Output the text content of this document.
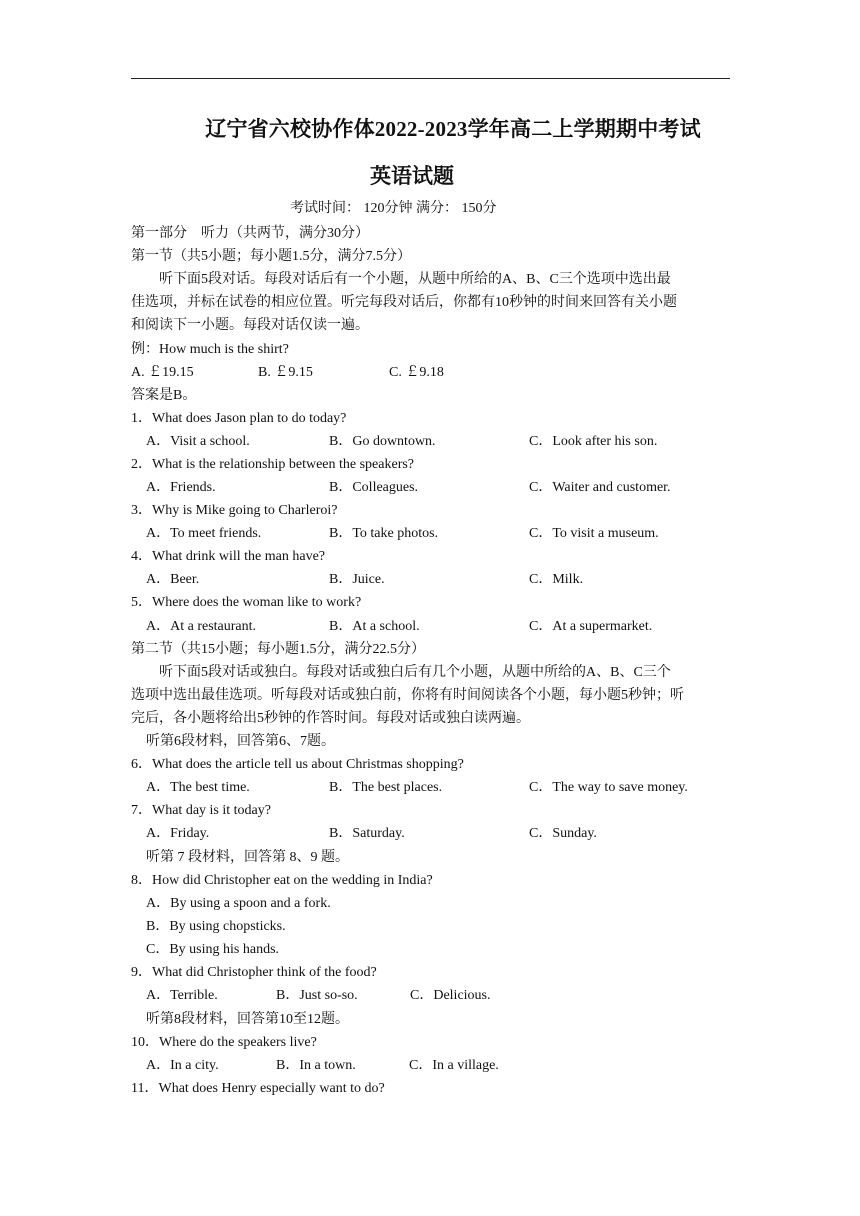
辽宁省六校协作体2022-2023学年高二上学期期中考试
英语试题
考试时间： 120分钟 满分： 150分
第一部分　听力（共两节，满分30分）
第一节（共5小题；每小题1.5分，满分7.5分）
　　听下面5段对话。每段对话后有一个小题，从题中所给的A、B、C三个选项中选出最
佳选项，并标在试卷的相应位置。听完每段对话后，你都有10秒钟的时间来回答有关小题
和阅读下一小题。每段对话仅读一遍。
例：How much is the shirt?
A. ￡19.15	B. ￡9.15	C. ￡9.18
答案是B。
1．What does Jason plan to do today?
A．Visit a school.	B．Go downtown.	C．Look after his son.
2．What is the relationship between the speakers?
A．Friends.	B．Colleagues.	C．Waiter and customer.
3．Why is Mike going to Charleroi?
A．To meet friends.	B．To take photos.	C．To visit a museum.
4．What drink will the man have?
A．Beer.	B．Juice.	C．Milk.
5．Where does the woman like to work?
A．At a restaurant.	B．At a school.	C．At a supermarket.
第二节（共15小题；每小题1.5分，满分22.5分）
　　听下面5段对话或独白。每段对话或独白后有几个小题，从题中所给的A、B、C三个
选项中选出最佳选项。听每段对话或独白前，你将有时间阅读各个小题，每小题5秒钟；听
完后，各小题将给出5秒钟的作答时间。每段对话或独白读两遍。
听第6段材料，回答第6、7题。
6．What does the article tell us about Christmas shopping?
A．The best time.	B．The best places.	C．The way to save money.
7．What day is it today?
A．Friday.	B．Saturday.	C．Sunday.
听第 7 段材料，回答第 8、9 题。
8．How did Christopher eat on the wedding in India?
A．By using a spoon and a fork.
B．By using chopsticks.
C．By using his hands.
9．What did Christopher think of the food?
A．Terrible.	B．Just so-so.	C．Delicious.
听第8段材料，回答第10至12题。
10．Where do the speakers live?
A．In a city.	B．In a town.	C．In a village.
11．What does Henry especially want to do?
